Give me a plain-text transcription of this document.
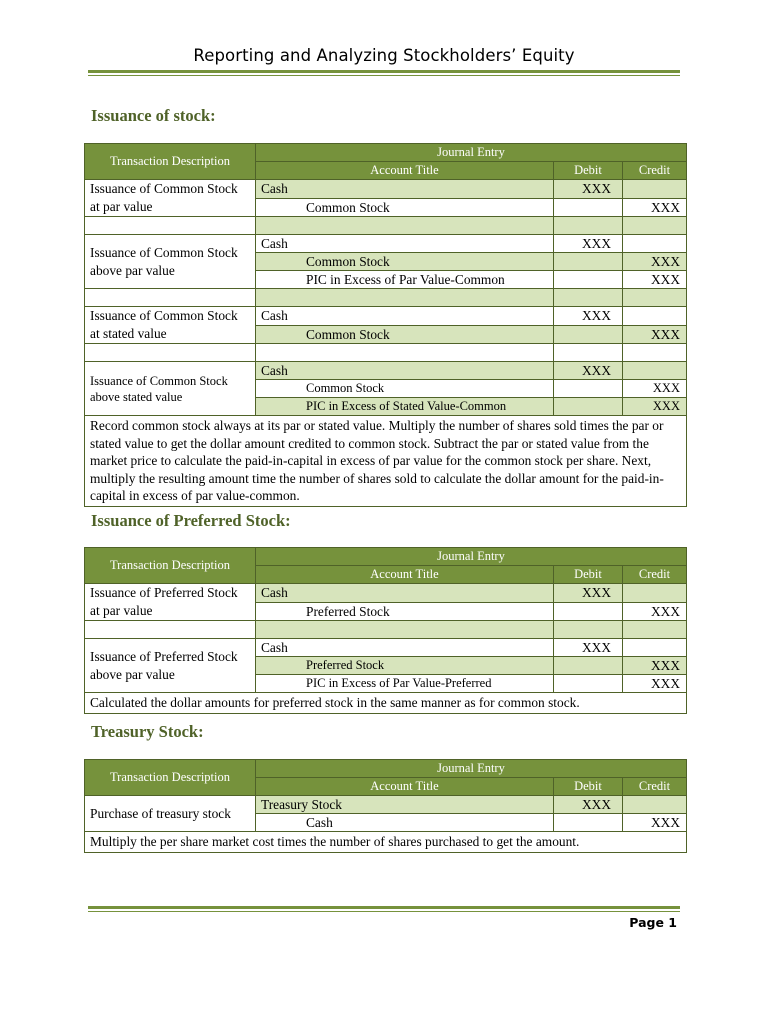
Reporting and Analyzing Stockholders’ Equity
Issuance of stock:
Transaction Description	Journal Entry		
	Account Title	Debit	Credit
Issuance of Common Stock at par value	Cash	XXX	
	Common Stock		XXX

Issuance of Common Stock above par value	Cash	XXX	
	Common Stock		XXX
	PIC in Excess of Par Value-Common		XXX

Issuance of Common Stock at stated value	Cash	XXX	
	Common Stock		XXX

Issuance of Common Stock above stated value	Cash	XXX	
	Common Stock		XXX
	PIC in Excess of Stated Value-Common		XXX
Record common stock always at its par or stated value. Multiply the number of shares sold times the par or stated value to get the dollar amount credited to common stock. Subtract the par or stated value from the market price to calculate the paid-in-capital in excess of par value for the common stock per share. Next, multiply the resulting amount time the number of shares sold to calculate the dollar amount for the paid-in-capital in excess of par value-common.			
Issuance of Preferred Stock:
Transaction Description	Journal Entry		
	Account Title	Debit	Credit
Issuance of Preferred Stock at par value	Cash	XXX	
	Preferred Stock		XXX

Issuance of Preferred Stock above par value	Cash	XXX	
	Preferred Stock		XXX
	PIC in Excess of Par Value-Preferred		XXX
Calculated the dollar amounts for preferred stock in the same manner as for common stock.			
Treasury Stock:
Transaction Description	Journal Entry		
	Account Title	Debit	Credit
Purchase of treasury stock	Treasury Stock	XXX	
	Cash		XXX
Multiply the per share market cost times the number of shares purchased to get the amount.			
Page 1
